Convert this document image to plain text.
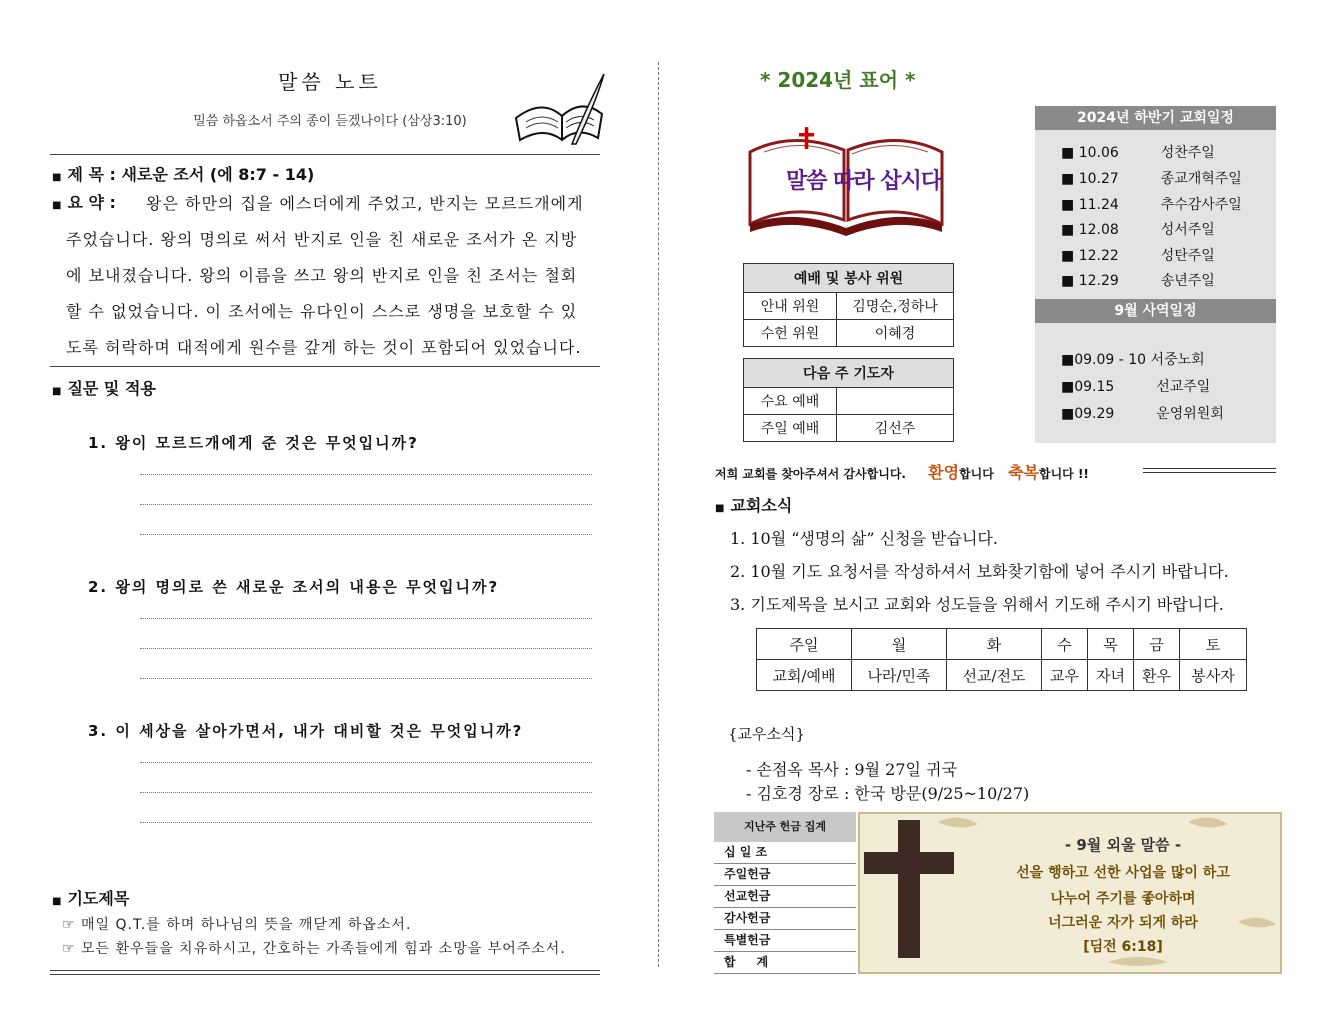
말씀 노트
밀씀 하옵소서 주의 종이 듣겠나이다 (삼상3:10)
■ 제 목 : 새로운 조서 (에 8:7 - 14)
■ 요 약 :	왕은 하만의 집을 에스더에게 주었고, 반지는 모르드개에게
주었습니다. 왕의 명의로 써서 반지로 인을 친 새로운 조서가 온 지방
에 보내졌습니다. 왕의 이름을 쓰고 왕의 반지로 인을 친 조서는 철회
할 수 없었습니다. 이 조서에는 유다인이 스스로 생명을 보호할 수 있
도록 허락하며 대적에게 원수를 갚게 하는 것이 포함되어 있었습니다.
■ 질문 및 적용
1. 왕이 모르드개에게 준 것은 무엇입니까?
2. 왕의 명의로 쓴 새로운 조서의 내용은 무엇입니까?
3. 이 세상을 살아가면서, 내가 대비할 것은 무엇입니까?
■ 기도제목
☞ 매일 Q.T.를 하며 하나님의 뜻을 깨닫게 하옵소서.
☞ 모든 환우들을 치유하시고, 간호하는 가족들에게 힘과 소망을 부어주소서.
* 2024년 표어 *
✝
말씀 따라 삽시다
예배 및 봉사 위원	
안내 위원	김명순,정하나
수헌 위원	이혜경
다음 주 기도자	
수요 예배	
주일 예배	김선주
2024년 하반기 교회일정
■ 10.06	성찬주일
■ 10.27	종교개혁주일
■ 11.24	추수감사주일
■ 12.08	성서주일
■ 12.22	성탄주일
■ 12.29	송년주일
9월 사역일정
■09.09 - 10 서중노회
■09.15	선교주일
■09.29	운영위원회
저희 교회를 찾아주셔서 감사합니다. 환영합니다 축복합니다 !!
■ 교회소식
1. 10월 “생명의 삶” 신청을 받습니다.
2. 10월 기도 요청서를 작성하셔서 보화찾기함에 넣어 주시기 바랍니다.
3. 기도제목을 보시고 교회와 성도들을 위해서 기도해 주시기 바랍니다.
주일	월	화	수	목	금	토
교회/예배	나라/민족	선교/전도	교우	자녀	환우	봉사자
{교우소식}
- 손점옥 목사 : 9월 27일 귀국
- 김호경 장로 : 한국 방문(9/25~10/27)
지난주 헌금 집계
십 일 조
주일헌금
선교헌금
감사헌금
특별헌금
합     계
- 9월 외울 말씀 -
선을 행하고 선한 사업을 많이 하고
나누어 주기를 좋아하며
너그러운 자가 되게 하라
[딤전 6:18]
